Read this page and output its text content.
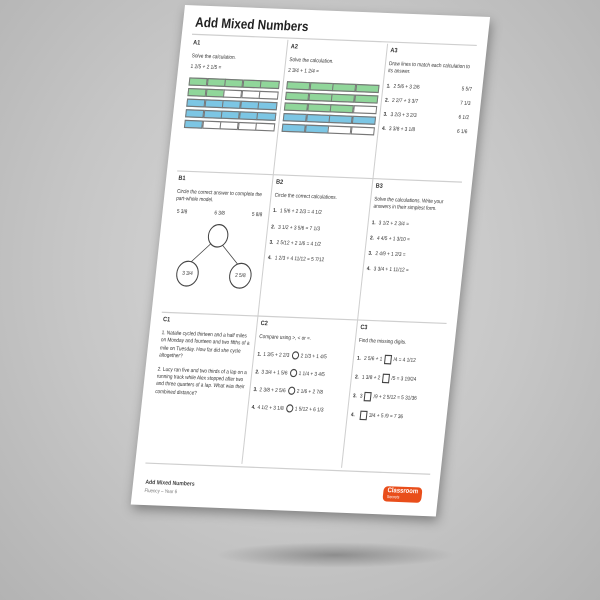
Add Mixed Numbers
A1
Solve the calculation.
1 2/5 + 2 1/5 =
A2
Solve the calculation.
2 3/4 + 1 2/4 =
A3
Draw lines to match each calculation to its answer.
1. 2 5/6 + 3 2/6	5 5/7
2. 2 2/7 + 3 3/7	7 1/3
3. 3 2/3 + 3 2/3	6 1/2
4. 3 3/8 + 3 1/8	6 1/6
B1
Circle the correct answer to complete the part-whole model.
5 3/8	6 3/8	5 8/8
3 3/4	2 5/8
B2
Circle the correct calculations.
1. 1 5/6 + 2 2/3 = 4 1/2
2. 3 1/2 + 3 5/6 = 7 1/3
3. 2 5/12 + 2 1/6 = 4 1/2
4. 1 2/3 + 4 11/12 = 5 7/12
B3
Solve the calculations. Write your answers in their simplest form.
1. 3 1/2 + 2 3/4 =
2. 4 4/5 + 1 3/10 =
3. 2 4/9 + 1 2/3 =
4. 3 3/4 + 1 11/12 =
C1
1. Natalie cycled thirteen and a half miles on Monday and fourteen and two fifths of a mile on Tuesday. How far did she cycle altogether?
2. Lucy ran five and two thirds of a lap on a running track while Alex stopped after two and three quarters of a lap. What was their combined distance?
C2
Compare using >, < or =.
1. 1 3/5 + 2 2/3 2 1/3 + 1 4/5
2. 3 3/4 + 1 5/6 1 1/4 + 3 4/5
3. 2 3/8 + 2 5/6 2 1/6 + 2 7/8
4. 4 1/2 + 3 1/8 1 5/12 + 6 1/3
C3
Find the missing digits.
1. 2 5/6 + 1 /4 = 4 1/12
2. 1 3/8 + 2 /5 = 3 19/24
3. 3 /9 + 2 5/12 = 5 31/36
4.	3/4 + 5 /9 = 7 36
Add Mixed Numbers
Fluency – Year 6	Classroom
Secrets
